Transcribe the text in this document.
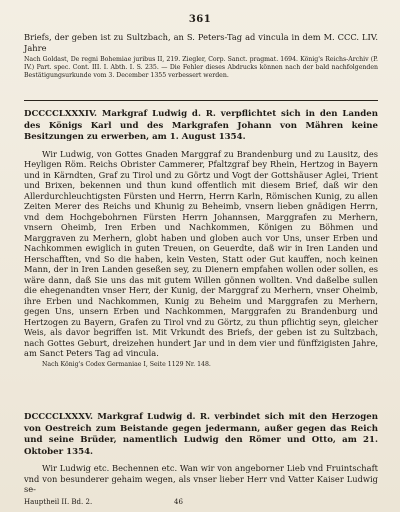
361

Briefs, der geben ist zu Sultzbach, an S. Peters-Tag ad vincula in dem M. CCC. LIV. Jahre

Nach Goldast, De regni Bohemiae juribus II, 219. Ziegler, Corp. Sanct. pragmat. 1694. König's Reichs-Archiv (P. IV.) Part. spec. Cont. III. I. Abth. I. S. 235. — Die Fehler dieses Abdrucks können nach der bald nachfolgenden Bestätigungsurkunde vom 3. December 1355 verbessert werden.

DCCCCLXXXIV. Markgraf Ludwig d. R. verpflichtet sich in den Landen des Königs Karl und des Markgrafen Johann von Mähren keine Besitzungen zu erwerben, am 1. August 1354.

Wir Ludwig, von Gottes Gnaden Marggraf zu Brandenburg und zu Lausitz, des Heyligen Röm. Reichs Obrister Cammerer, Pfaltzgraf bey Rhein, Hertzog in Bayern und in Kärndten, Graf zu Tirol und zu Görtz und Vogt der Gottshäuser Aglei, Trient und Brixen, bekennen und thun kund offentlich mit diesem Brief, daß wir den Allerdurchleuchtigsten Fürsten und Herrn, Herrn Karln, Römischen Kunig, zu allen Zeiten Merer des Reichs und Khunig zu Beheimb, vnsern lieben gnädigen Herrn, vnd dem Hochgebohrnen Fürsten Herrn Johannsen, Marggrafen zu Merhern, vnsern Oheimb, Iren Erben und Nachkommen, Königen zu Böhmen und Marggraven zu Merhern, globt haben und globen auch vor Uns, unser Erben und Nachkommen ewiglich in guten Treuen, on Geuerdte, daß wir in Iren Landen und Herschafften, vnd So die haben, kein Vesten, Statt oder Gut kauffen, noch keinen Mann, der in Iren Landen geseßen sey, zu Dienern empfahen wollen oder sollen, es wäre dann, daß Sie uns das mit gutem Willen gönnen wollten. Vnd daßelbe sullen die ehegenandten vnser Herr, der Kunig, der Marggraf zu Merhern, vnser Oheimb, ihre Erben und Nachkommen, Kunig zu Beheim und Marggrafen zu Merhern, gegen Uns, unsern Erben und Nachkommen, Marggrafen zu Brandenburg und Hertzogen zu Bayern, Grafen zu Tirol vnd zu Görtz, zu thun pflichtig seyn, gleicher Weis, als davor begriffen ist. Mit Vrkundt des Briefs, der geben ist zu Sultzbach, nach Gottes Geburt, dreizehen hundert Jar und in dem vier und fünffzigisten Jahre, am Sanct Peters Tag ad vincula.

Nach König's Codex Germaniae I, Seite 1129 Nr. 148.

DCCCCLXXXV. Markgraf Ludwig d. R. verbindet sich mit den Herzogen von Oestreich zum Beistande gegen jedermann, außer gegen das Reich und seine Brüder, namentlich Ludwig den Römer und Otto, am 21. Oktober 1354.

Wir Ludwig etc. Bechennen etc. Wan wir von angeborner Lieb vnd Fruintschaft vnd von besunderer gehaim wegen, als vnser lieber Herr vnd Vatter Kaiser Ludwig se-

Hauptheil II. Bd. 2.	46
